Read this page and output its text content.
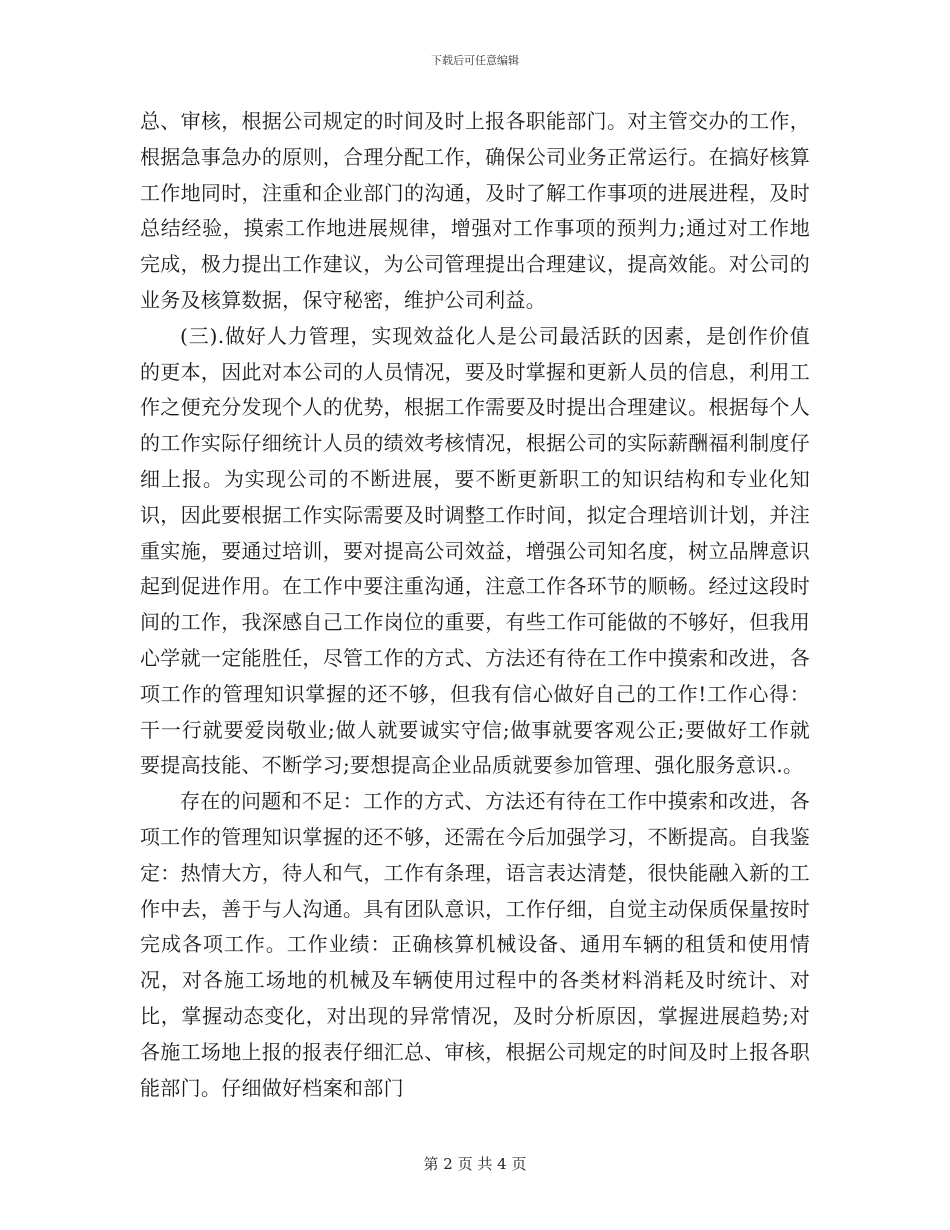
下载后可任意编辑

总、审核，根据公司规定的时间及时上报各职能部门。对主管交办的工作，根据急事急办的原则，合理分配工作，确保公司业务正常运行。在搞好核算工作地同时，注重和企业部门的沟通，及时了解工作事项的进展进程，及时总结经验，摸索工作地进展规律，增强对工作事项的预判力;通过对工作地完成，极力提出工作建议，为公司管理提出合理建议，提高效能。对公司的业务及核算数据，保守秘密，维护公司利益。

(三).做好人力管理，实现效益化人是公司最活跃的因素，是创作价值的更本，因此对本公司的人员情况，要及时掌握和更新人员的信息，利用工作之便充分发现个人的优势，根据工作需要及时提出合理建议。根据每个人的工作实际仔细统计人员的绩效考核情况，根据公司的实际薪酬福利制度仔细上报。为实现公司的不断进展，要不断更新职工的知识结构和专业化知识，因此要根据工作实际需要及时调整工作时间，拟定合理培训计划，并注重实施，要通过培训，要对提高公司效益，增强公司知名度，树立品牌意识起到促进作用。在工作中要注重沟通，注意工作各环节的顺畅。经过这段时间的工作，我深感自己工作岗位的重要，有些工作可能做的不够好，但我用心学就一定能胜任，尽管工作的方式、方法还有待在工作中摸索和改进，各项工作的管理知识掌握的还不够，但我有信心做好自己的工作!工作心得：干一行就要爱岗敬业;做人就要诚实守信;做事就要客观公正;要做好工作就要提高技能、不断学习;要想提高企业品质就要参加管理、强化服务意识.。

存在的问题和不足：工作的方式、方法还有待在工作中摸索和改进，各项工作的管理知识掌握的还不够，还需在今后加强学习，不断提高。自我鉴定：热情大方，待人和气，工作有条理，语言表达清楚，很快能融入新的工作中去，善于与人沟通。具有团队意识，工作仔细，自觉主动保质保量按时完成各项工作。工作业绩：正确核算机械设备、通用车辆的租赁和使用情况，对各施工场地的机械及车辆使用过程中的各类材料消耗及时统计、对比，掌握动态变化，对出现的异常情况，及时分析原因，掌握进展趋势;对各施工场地上报的报表仔细汇总、审核，根据公司规定的时间及时上报各职能部门。仔细做好档案和部门

第 2 页 共 4 页
